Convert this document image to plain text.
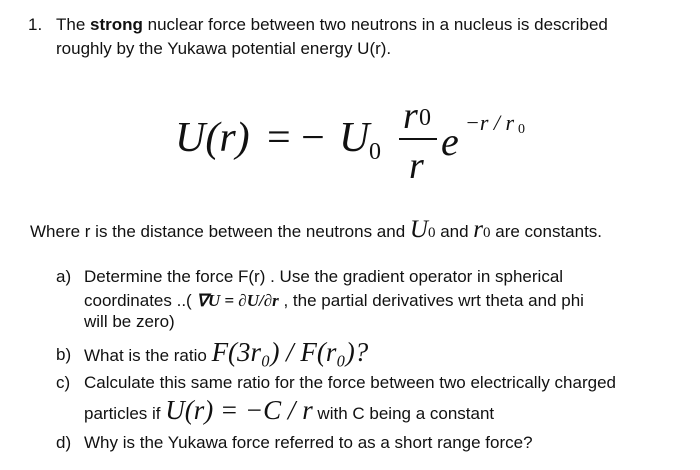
1. The strong nuclear force between two neutrons in a nucleus is described
roughly by the Yukawa potential energy U(r).
U(r) = − U 0
r 0
r
e −r / r 0
Where r is the distance between the neutrons and U0 and r0 are constants.
a) Determine the force F(r) . Use the gradient operator in spherical
coordinates ..( ∇U = ∂U/∂r , the partial derivatives wrt theta and phi
will be zero)
b) What is the ratio F(3r₀) / F(r₀)?
c) Calculate this same ratio for the force between two electrically charged
particles if U(r) = −C / r with C being a constant
d) Why is the Yukawa force referred to as a short range force?
